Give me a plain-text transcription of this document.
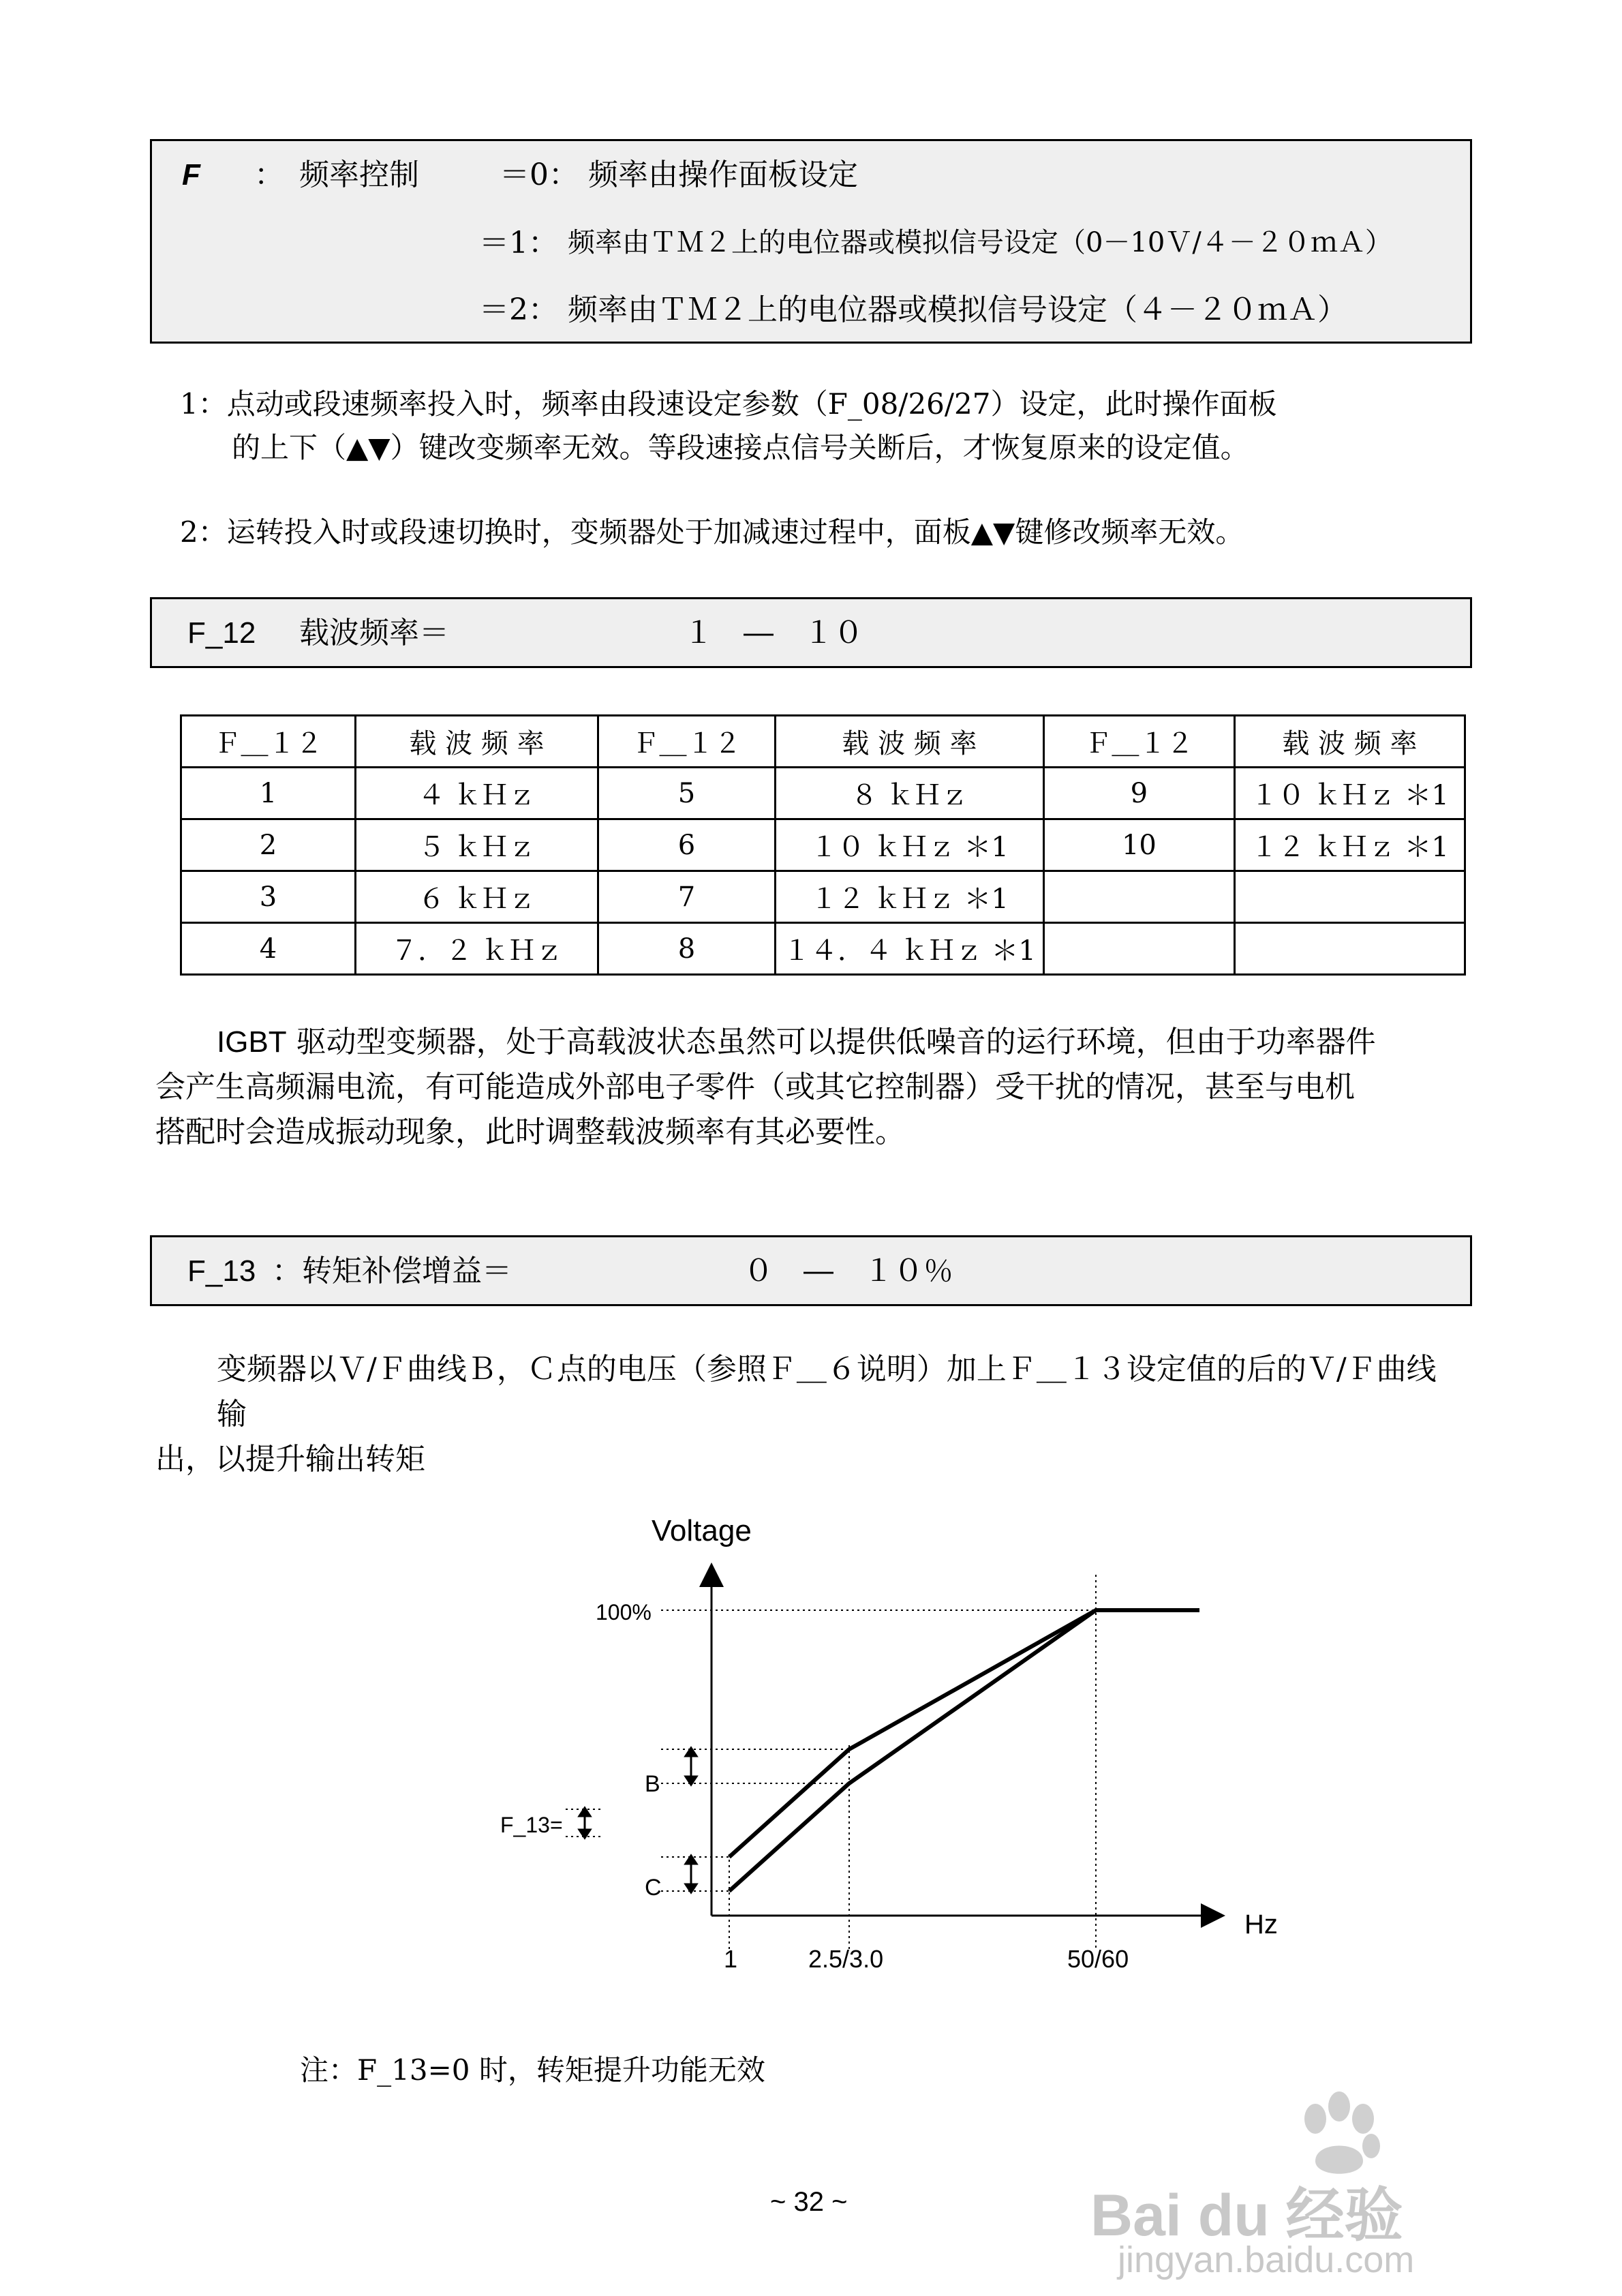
F ： 频率控制	＝0： 频率由操作面板设定
＝1： 频率由ＴＭ２上的电位器或模拟信号设定（0－10Ｖ/４－２０ｍＡ）
＝2： 频率由ＴＭ２上的电位器或模拟信号设定（４－２０ｍＡ）
1：点动或段速频率投入时，频率由段速设定参数（F_08/26/27）设定，此时操作面板
的上下（▲▼）键改变频率无效。等段速接点信号关断后，才恢复原来的设定值。
2：运转投入时或段速切换时，变频器处于加减速过程中，面板▲▼键修改频率无效。
F_12 载波频率＝	１　―　１０
Ｆ＿１２	载 波 频 率	Ｆ＿１２	载 波 频 率	Ｆ＿１２	载 波 频 率
1	４ ｋＨｚ	5	８ ｋＨｚ	9	１０ ｋＨｚ ＊1
2	５ ｋＨｚ	6	１０ ｋＨｚ ＊1	10	１２ ｋＨｚ ＊1
3	６ ｋＨｚ	7	１２ ｋＨｚ ＊1		
4	７．２ ｋＨｚ	8	１４．４ ｋＨｚ ＊1		
IGBT 驱动型变频器，处于高载波状态虽然可以提供低噪音的运行环境，但由于功率器件
会产生高频漏电流，有可能造成外部电子零件（或其它控制器）受干扰的情况，甚至与电机
搭配时会造成振动现象，此时调整载波频率有其必要性。
F_13 ：转矩补偿增益＝	０　―　１０％
变频器以Ｖ/Ｆ曲线Ｂ，Ｃ点的电压（参照Ｆ＿６说明）加上Ｆ＿１３设定值的后的Ｖ/Ｆ曲线输
出，以提升输出转矩
Voltage
Hz
100%
B
C
F_13=
1	2.5/3.0	50/60
注：F_13=0 时，转矩提升功能无效
~ 32 ~	Bai du 经验
jingyan.baidu.com
